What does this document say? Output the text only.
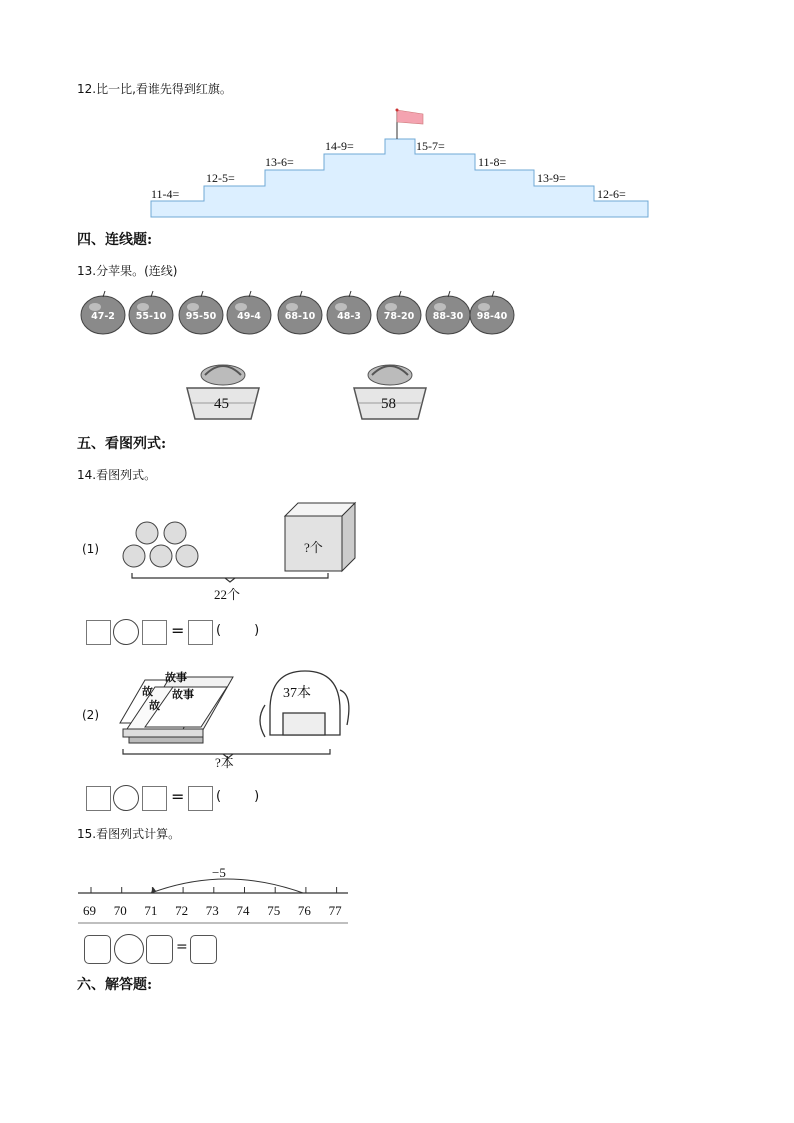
12.比一比,看谁先得到红旗。
11-4=
12-5=
13-6=
14-9=	15-7=
11-8=
13-9=
12-6=
四、连线题:
13.分苹果。(连线)
47-2 55-10 95-50 49-4	68-10 48-3 78-20 88-30 98-40
45	58
五、看图列式:
14.看图列式。
(1)	?个
22个
= (        )
(2)
故事
故事
故
故
37本
?本
= (        )
15.看图列式计算。
−5
69 70 71 72 73 74 75 76 77
=
六、解答题:
